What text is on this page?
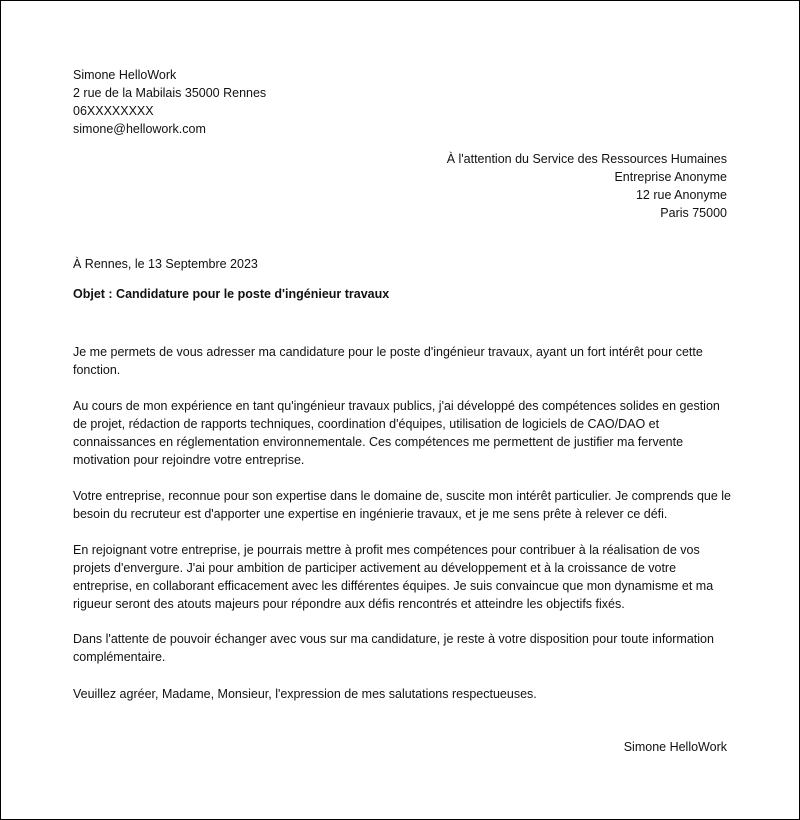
Simone HelloWork
2 rue de la Mabilais 35000 Rennes
06XXXXXXXX
simone@hellowork.com
À l'attention du Service des Ressources Humaines
Entreprise Anonyme
12 rue Anonyme
Paris 75000
À Rennes, le 13 Septembre 2023
Objet : Candidature pour le poste d'ingénieur travaux
Je me permets de vous adresser ma candidature pour le poste d'ingénieur travaux, ayant un fort intérêt pour cette fonction.
Au cours de mon expérience en tant qu'ingénieur travaux publics, j'ai développé des compétences solides en gestion de projet, rédaction de rapports techniques, coordination d'équipes, utilisation de logiciels de CAO/DAO et connaissances en réglementation environnementale. Ces compétences me permettent de justifier ma fervente motivation pour rejoindre votre entreprise.
Votre entreprise, reconnue pour son expertise dans le domaine de, suscite mon intérêt particulier. Je comprends que le besoin du recruteur est d'apporter une expertise en ingénierie travaux, et je me sens prête à relever ce défi.
En rejoignant votre entreprise, je pourrais mettre à profit mes compétences pour contribuer à la réalisation de vos projets d'envergure. J'ai pour ambition de participer activement au développement et à la croissance de votre entreprise, en collaborant efficacement avec les différentes équipes. Je suis convaincue que mon dynamisme et ma rigueur seront des atouts majeurs pour répondre aux défis rencontrés et atteindre les objectifs fixés.
Dans l'attente de pouvoir échanger avec vous sur ma candidature, je reste à votre disposition pour toute information complémentaire.
Veuillez agréer, Madame, Monsieur, l'expression de mes salutations respectueuses.
Simone HelloWork
